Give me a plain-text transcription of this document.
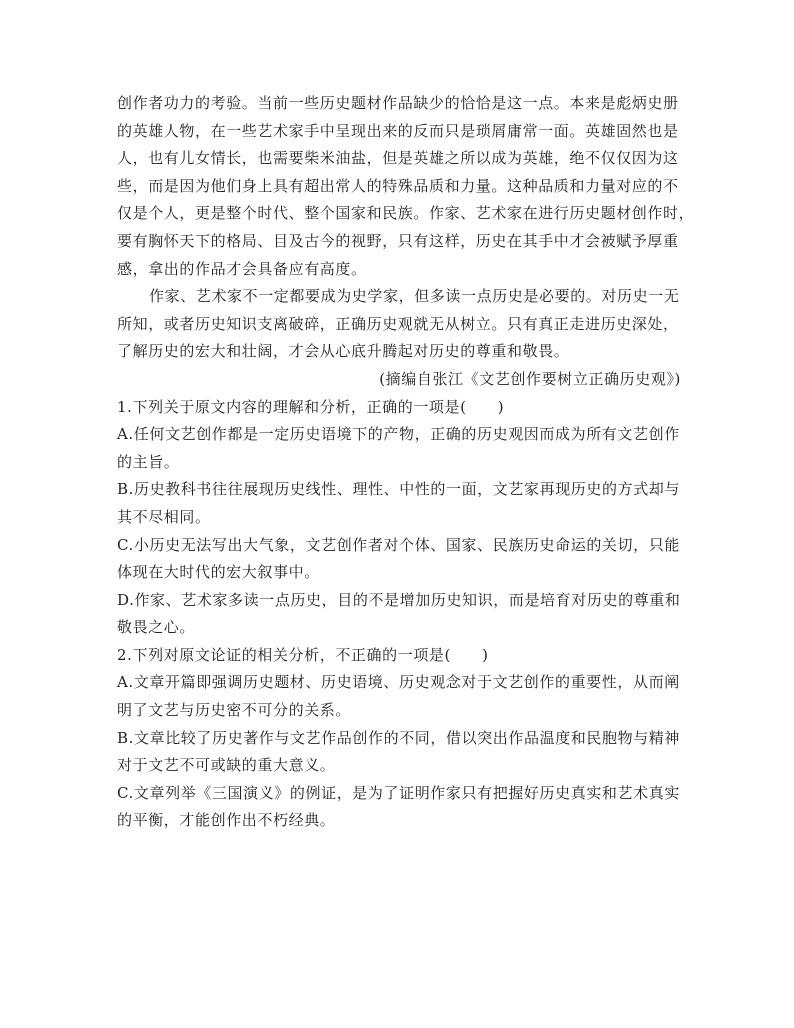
创作者功力的考验。当前一些历史题材作品缺少的恰恰是这一点。本来是彪炳史册
的英雄人物，在一些艺术家手中呈现出来的反而只是琐屑庸常一面。英雄固然也是
人，也有儿女情长，也需要柴米油盐，但是英雄之所以成为英雄，绝不仅仅因为这
些，而是因为他们身上具有超出常人的特殊品质和力量。这种品质和力量对应的不
仅是个人，更是整个时代、整个国家和民族。作家、艺术家在进行历史题材创作时，
要有胸怀天下的格局、目及古今的视野，只有这样，历史在其手中才会被赋予厚重
感，拿出的作品才会具备应有高度。
作家、艺术家不一定都要成为史学家，但多读一点历史是必要的。对历史一无
所知，或者历史知识支离破碎，正确历史观就无从树立。只有真正走进历史深处，
了解历史的宏大和壮阔，才会从心底升腾起对历史的尊重和敬畏。
(摘编自张江《文艺创作要树立正确历史观》)
1.下列关于原文内容的理解和分析，正确的一项是(　　)
A.任何文艺创作都是一定历史语境下的产物，正确的历史观因而成为所有文艺创作
的主旨。
B.历史教科书往往展现历史线性、理性、中性的一面，文艺家再现历史的方式却与
其不尽相同。
C.小历史无法写出大气象，文艺创作者对个体、国家、民族历史命运的关切，只能
体现在大时代的宏大叙事中。
D.作家、艺术家多读一点历史，目的不是增加历史知识，而是培育对历史的尊重和
敬畏之心。
2.下列对原文论证的相关分析，不正确的一项是(　　)
A.文章开篇即强调历史题材、历史语境、历史观念对于文艺创作的重要性，从而阐
明了文艺与历史密不可分的关系。
B.文章比较了历史著作与文艺作品创作的不同，借以突出作品温度和民胞物与精神
对于文艺不可或缺的重大意义。
C.文章列举《三国演义》的例证，是为了证明作家只有把握好历史真实和艺术真实
的平衡，才能创作出不朽经典。
